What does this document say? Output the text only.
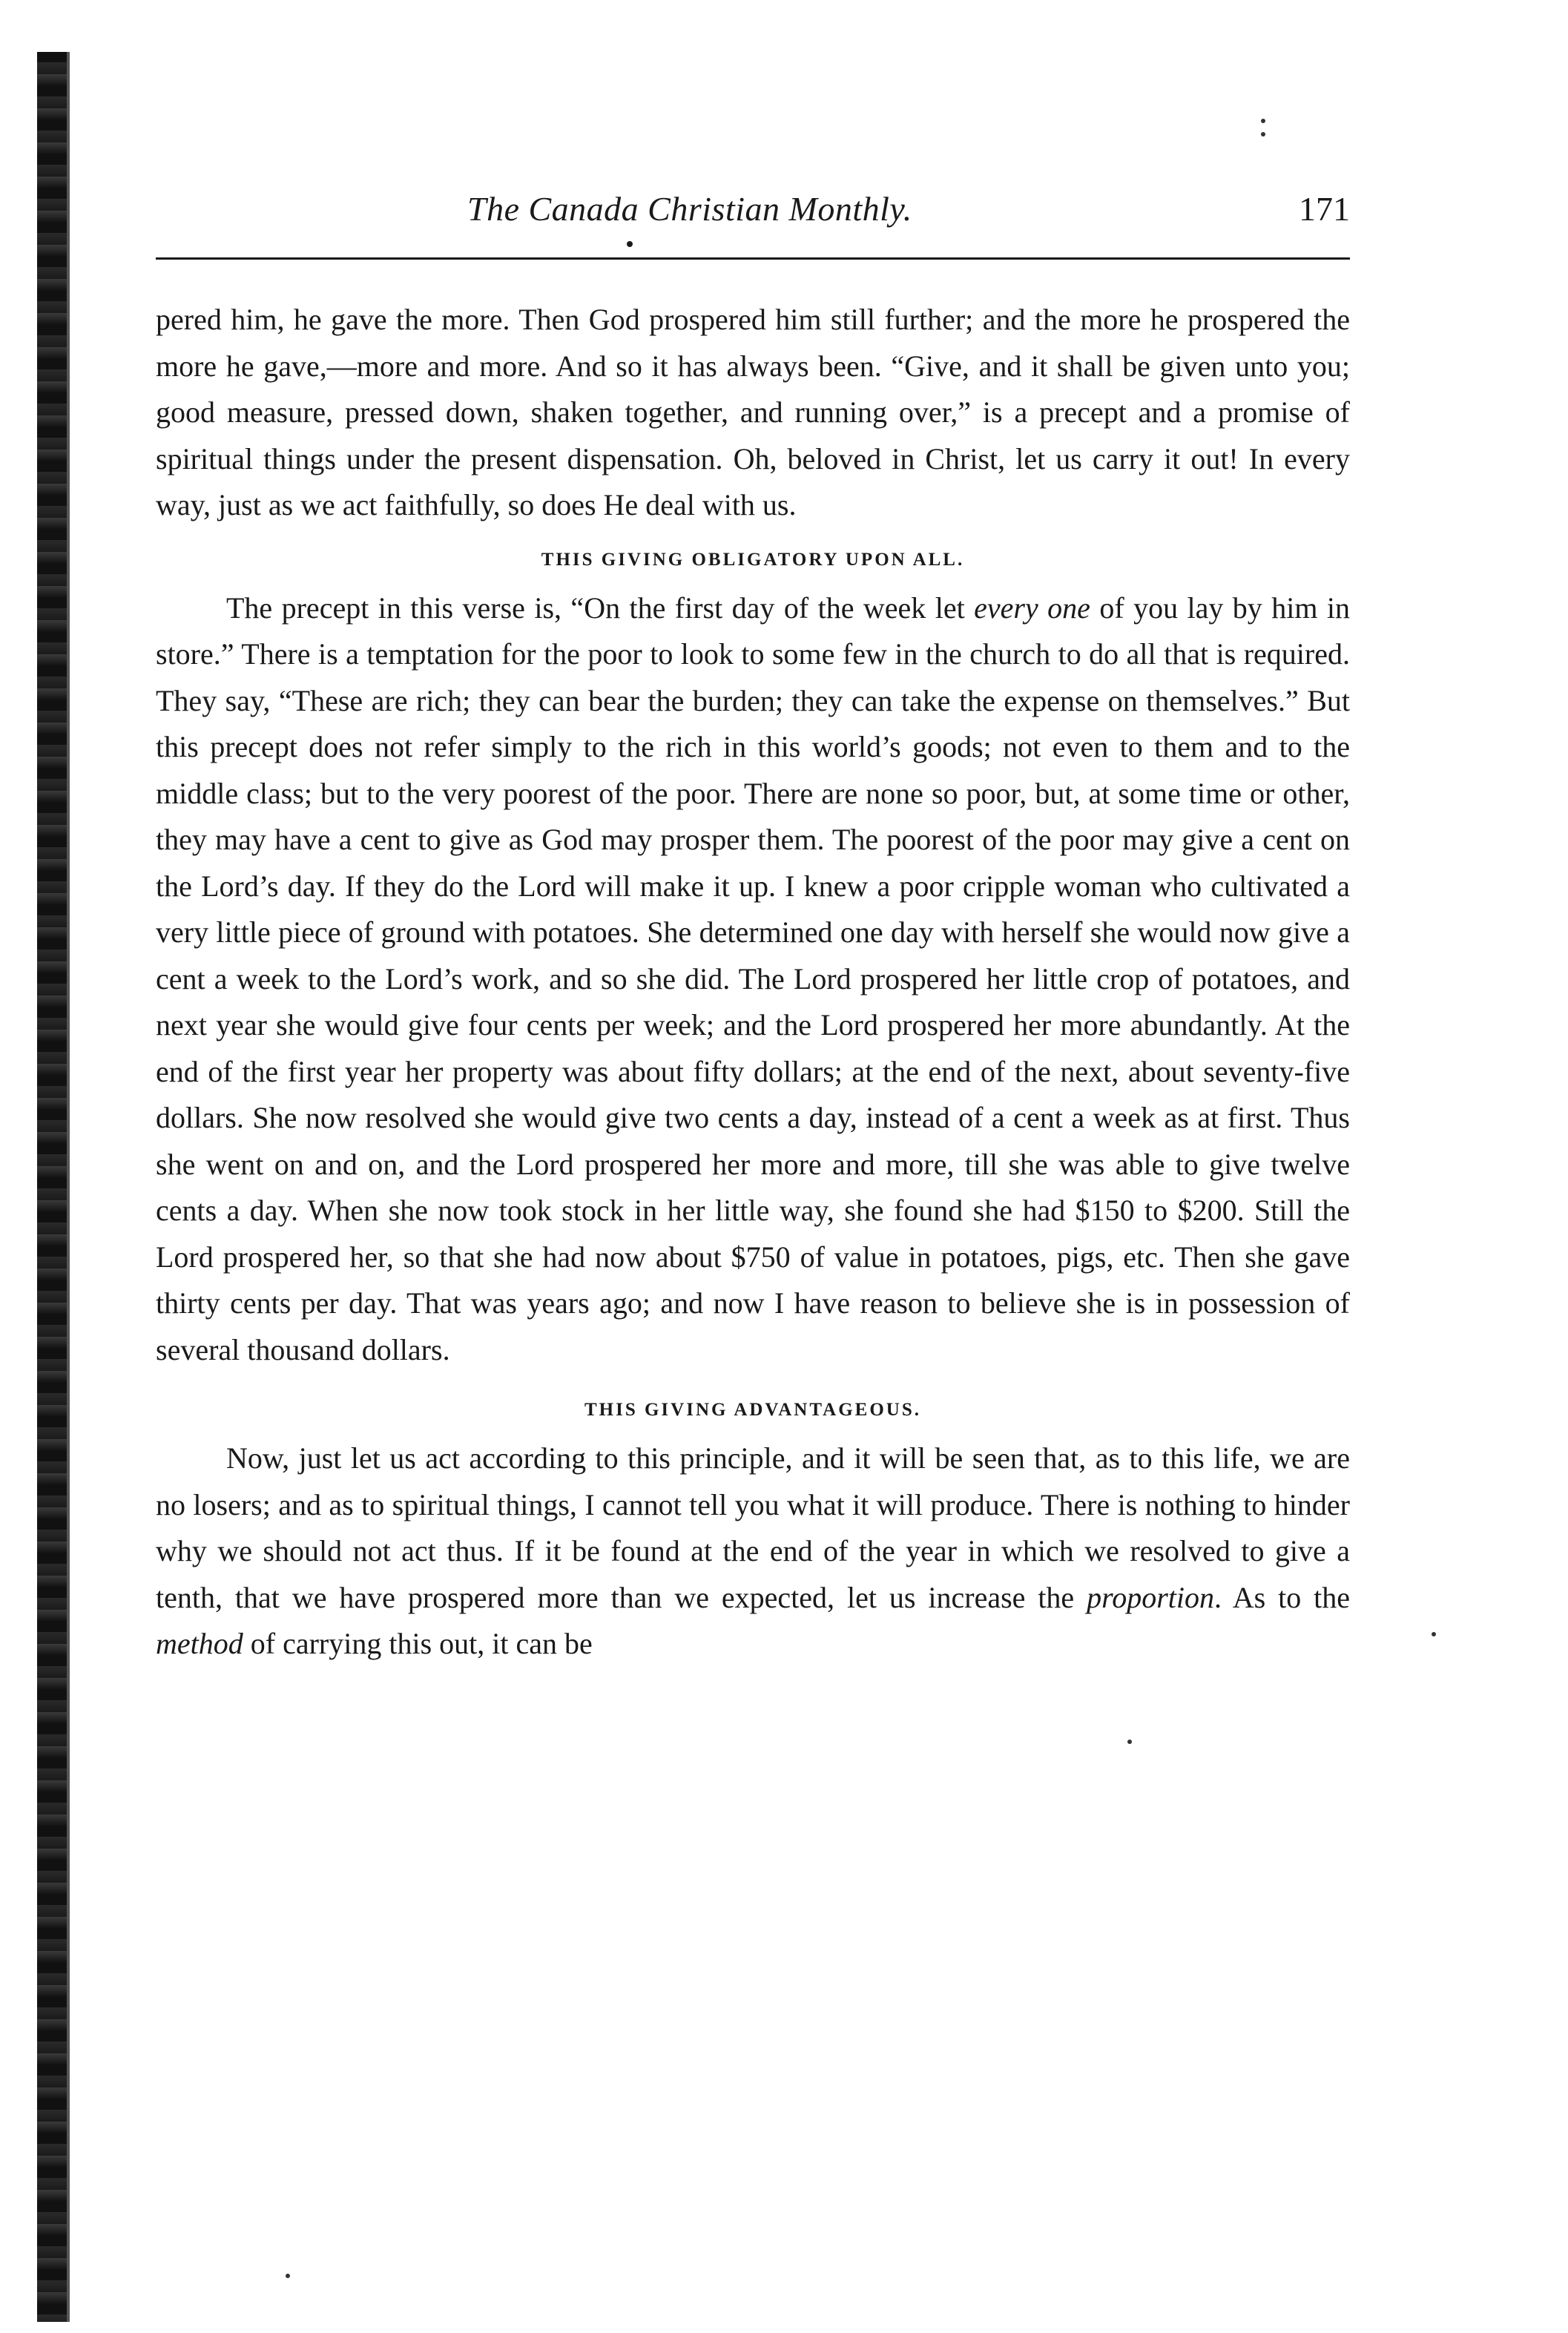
The Canada Christian Monthly.	171

pered him, he gave the more. Then God prospered him still further; and the more he prospered the more he gave,—more and more. And so it has always been. “Give, and it shall be given unto you; good measure, pressed down, shaken together, and running over,” is a precept and a promise of spiritual things under the present dispensation. Oh, beloved in Christ, let us carry it out! In every way, just as we act faithfully, so does He deal with us.

THIS GIVING OBLIGATORY UPON ALL.

The precept in this verse is, “On the first day of the week let every one of you lay by him in store.” There is a temptation for the poor to look to some few in the church to do all that is required. They say, “These are rich; they can bear the burden; they can take the expense on themselves.” But this precept does not refer simply to the rich in this world’s goods; not even to them and to the middle class; but to the very poorest of the poor. There are none so poor, but, at some time or other, they may have a cent to give as God may prosper them. The poorest of the poor may give a cent on the Lord’s day. If they do the Lord will make it up. I knew a poor cripple woman who cultivated a very little piece of ground with potatoes. She determined one day with herself she would now give a cent a week to the Lord’s work, and so she did. The Lord prospered her little crop of potatoes, and next year she would give four cents per week; and the Lord prospered her more abundantly. At the end of the first year her property was about fifty dollars; at the end of the next, about seventy-five dollars. She now resolved she would give two cents a day, instead of a cent a week as at first. Thus she went on and on, and the Lord prospered her more and more, till she was able to give twelve cents a day. When she now took stock in her little way, she found she had $150 to $200. Still the Lord prospered her, so that she had now about $750 of value in potatoes, pigs, etc. Then she gave thirty cents per day. That was years ago; and now I have reason to believe she is in possession of several thousand dollars.

THIS GIVING ADVANTAGEOUS.

Now, just let us act according to this principle, and it will be seen that, as to this life, we are no losers; and as to spiritual things, I cannot tell you what it will produce. There is nothing to hinder why we should not act thus. If it be found at the end of the year in which we resolved to give a tenth, that we have prospered more than we expected, let us increase the proportion. As to the method of carrying this out, it can be
